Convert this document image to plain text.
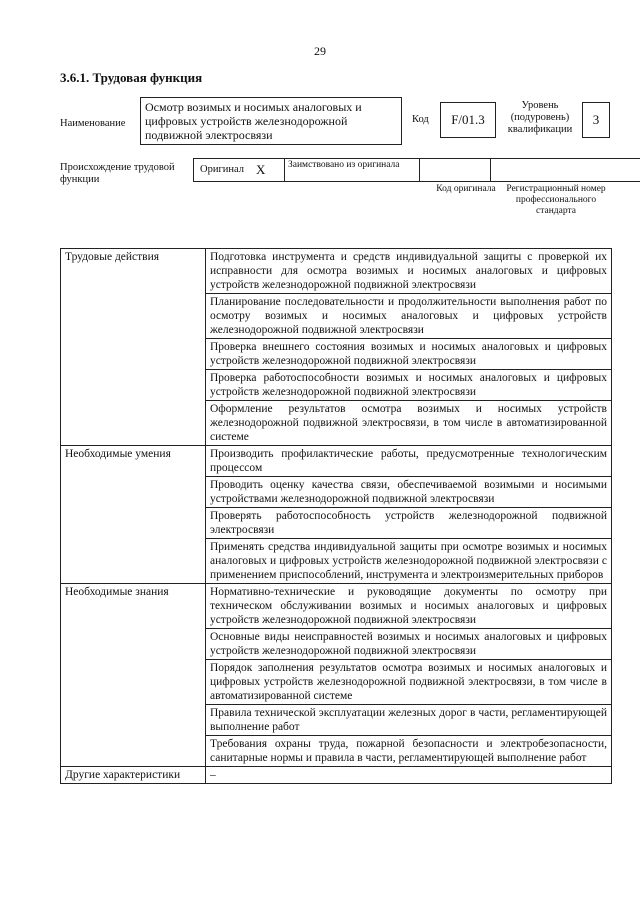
29
3.6.1. Трудовая функция
Наименование
Осмотр возимых и носимых аналоговых и цифровых устройств железнодорожной подвижной электросвязи
Код	F/01.3
Уровень (подуровень) квалификации
3
Происхождение трудовой функции
Оригинал X	Заимствовано из оригинала
Код оригинала Регистрационный номер профессионального стандарта
Трудовые действия	Подготовка инструмента и средств индивидуальной защиты с проверкой их исправности для осмотра возимых и носимых аналоговых и цифровых устройств железнодорожной подвижной электросвязи
	Планирование последовательности и продолжительности выполнения работ по осмотру возимых и носимых аналоговых и цифровых устройств железнодорожной подвижной электросвязи
	Проверка внешнего состояния возимых и носимых аналоговых и цифровых устройств железнодорожной подвижной электросвязи
	Проверка работоспособности возимых и носимых аналоговых и цифровых устройств железнодорожной подвижной электросвязи
	Оформление результатов осмотра возимых и носимых устройств железнодорожной подвижной электросвязи, в том числе в автоматизированной системе
Необходимые умения	Производить профилактические работы, предусмотренные технологическим процессом
	Проводить оценку качества связи, обеспечиваемой возимыми и носимыми устройствами железнодорожной подвижной электросвязи
	Проверять работоспособность устройств железнодорожной подвижной электросвязи
	Применять средства индивидуальной защиты при осмотре возимых и носимых аналоговых и цифровых устройств железнодорожной подвижной электросвязи с применением приспособлений, инструмента и электроизмерительных приборов
Необходимые знания	Нормативно-технические и руководящие документы по осмотру при техническом обслуживании возимых и носимых аналоговых и цифровых устройств железнодорожной подвижной электросвязи
	Основные виды неисправностей возимых и носимых аналоговых и цифровых устройств железнодорожной подвижной электросвязи
	Порядок заполнения результатов осмотра возимых и носимых аналоговых и цифровых устройств железнодорожной подвижной электросвязи, в том числе в автоматизированной системе
	Правила технической эксплуатации железных дорог в части, регламентирующей выполнение работ
	Требования охраны труда, пожарной безопасности и электробезопасности, санитарные нормы и правила в части, регламентирующей выполнение работ
Другие характеристики	–
